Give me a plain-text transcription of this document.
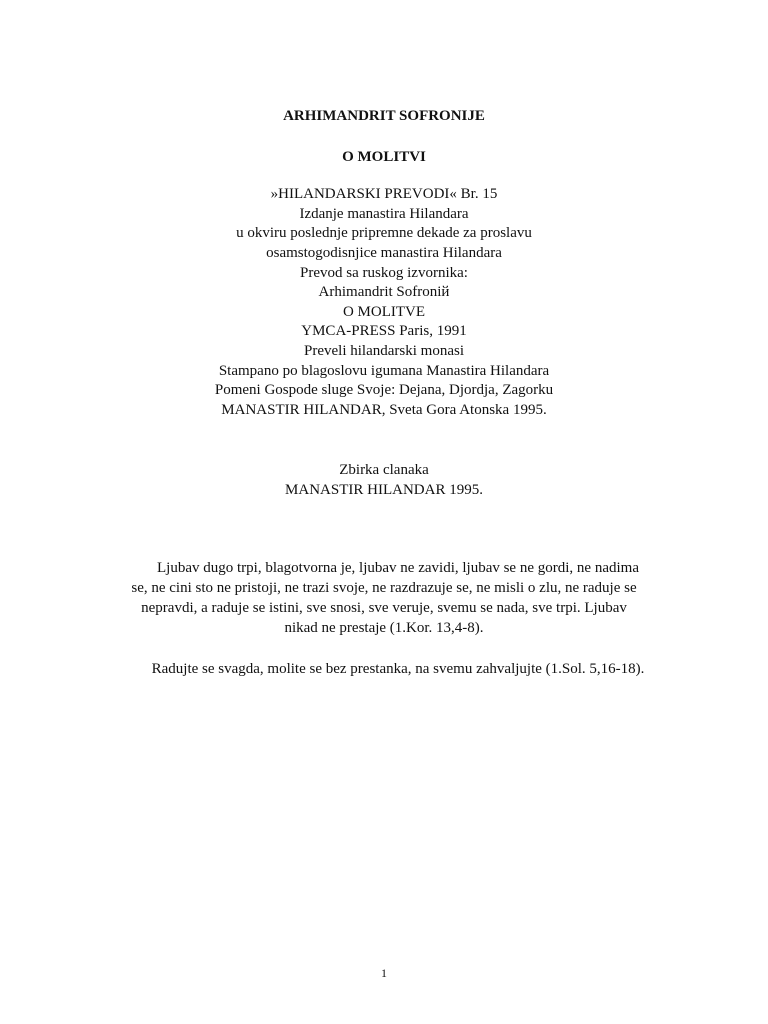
ARHIMANDRIT SOFRONIJE
O MOLITVI
»HILANDARSKI PREVODI« Br. 15
Izdanje manastira Hilandara
u okviru poslednje pripremne dekade za proslavu
osamstogodisnjice manastira Hilandara
Prevod sa ruskog izvornika:
Arhimandrit Sofroniй
O MOLITVE
YMCA-PRESS Paris, 1991
Preveli hilandarski monasi
Stampano po blagoslovu igumana Manastira Hilandara
Pomeni Gospode sluge Svoje: Dejana, Djordja, Zagorku
MANASTIR HILANDAR, Sveta Gora Atonska 1995.
Zbirka clanaka
MANASTIR HILANDAR 1995.
Ljubav dugo trpi, blagotvorna je, ljubav ne zavidi, ljubav se ne gordi, ne nadima
se, ne cini sto ne pristoji, ne trazi svoje, ne razdrazuje se, ne misli o zlu, ne raduje se
nepravdi, a raduje se istini, sve snosi, sve veruje, svemu se nada, sve trpi. Ljubav
nikad ne prestaje (1.Kor. 13,4-8).
Radujte se svagda, molite se bez prestanka, na svemu zahvaljujte (1.Sol. 5,16-18).
1
